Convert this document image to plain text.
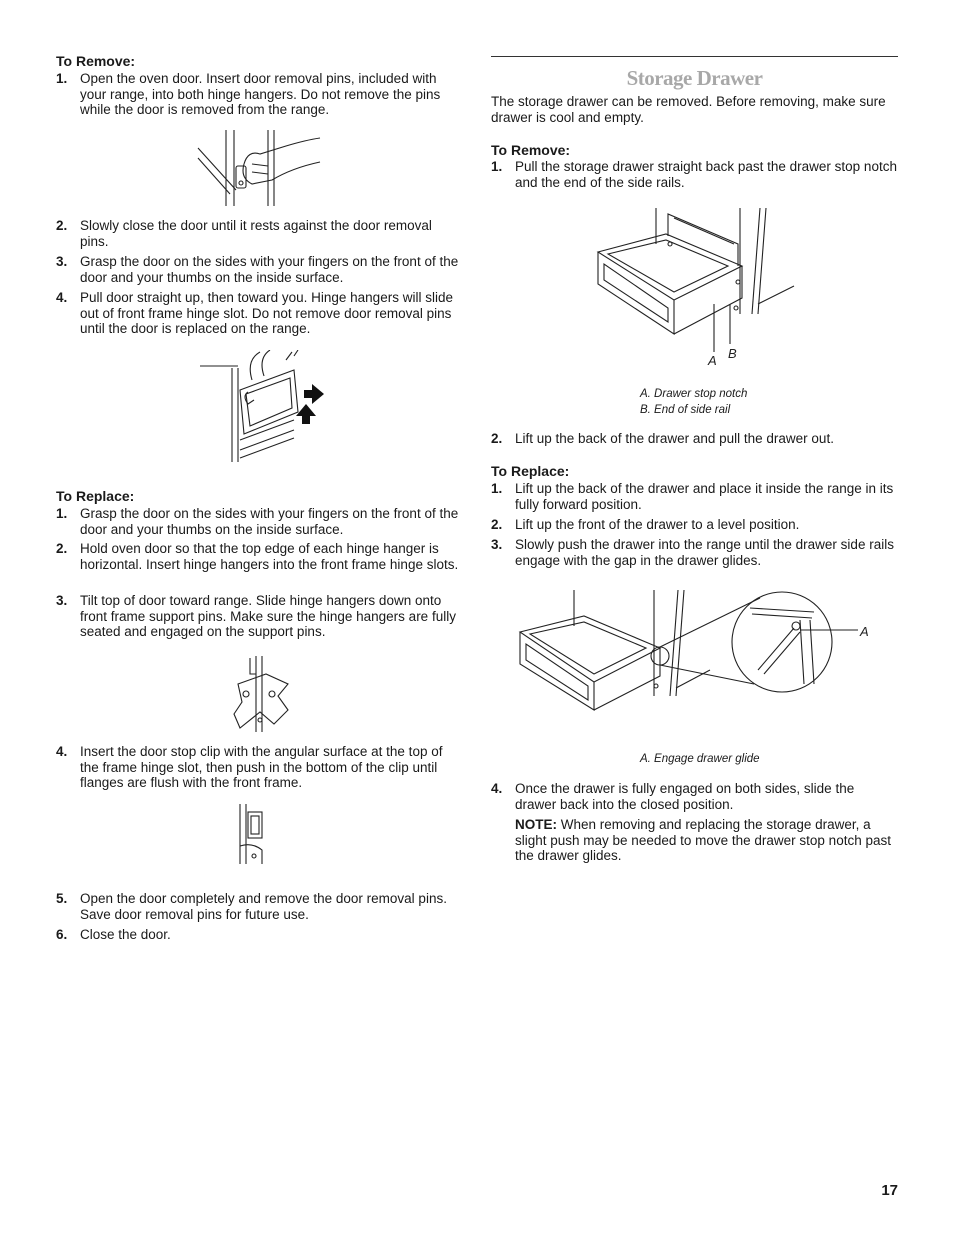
To Remove:
1. Open the oven door. Insert door removal pins, included with your range, into both hinge hangers. Do not remove the pins while the door is removed from the range.
2. Slowly close the door until it rests against the door removal pins.
3. Grasp the door on the sides with your fingers on the front of the door and your thumbs on the inside surface.
4. Pull door straight up, then toward you. Hinge hangers will slide out of front frame hinge slot. Do not remove door removal pins until the door is replaced on the range.
To Replace:
1. Grasp the door on the sides with your fingers on the front of the door and your thumbs on the inside surface.
2. Hold oven door so that the top edge of each hinge hanger is horizontal. Insert hinge hangers into the front frame hinge slots.
3. Tilt top of door toward range. Slide hinge hangers down onto front frame support pins. Make sure the hinge hangers are fully seated and engaged on the support pins.
4. Insert the door stop clip with the angular surface at the top of the frame hinge slot, then push in the bottom of the clip until flanges are flush with the front frame.
5. Open the door completely and remove the door removal pins. Save door removal pins for future use.
6. Close the door.
Storage Drawer
The storage drawer can be removed. Before removing, make sure drawer is cool and empty.
To Remove:
1. Pull the storage drawer straight back past the drawer stop notch and the end of the side rails.
A B
A. Drawer stop notch
B. End of side rail
2. Lift up the back of the drawer and pull the drawer out.
To Replace:
1. Lift up the back of the drawer and place it inside the range in its fully forward position.
2. Lift up the front of the drawer to a level position.
3. Slowly push the drawer into the range until the drawer side rails engage with the gap in the drawer glides.
A
A. Engage drawer glide
4. Once the drawer is fully engaged on both sides, slide the drawer back into the closed position.
NOTE: When removing and replacing the storage drawer, a slight push may be needed to move the drawer stop notch past the drawer glides.
17
